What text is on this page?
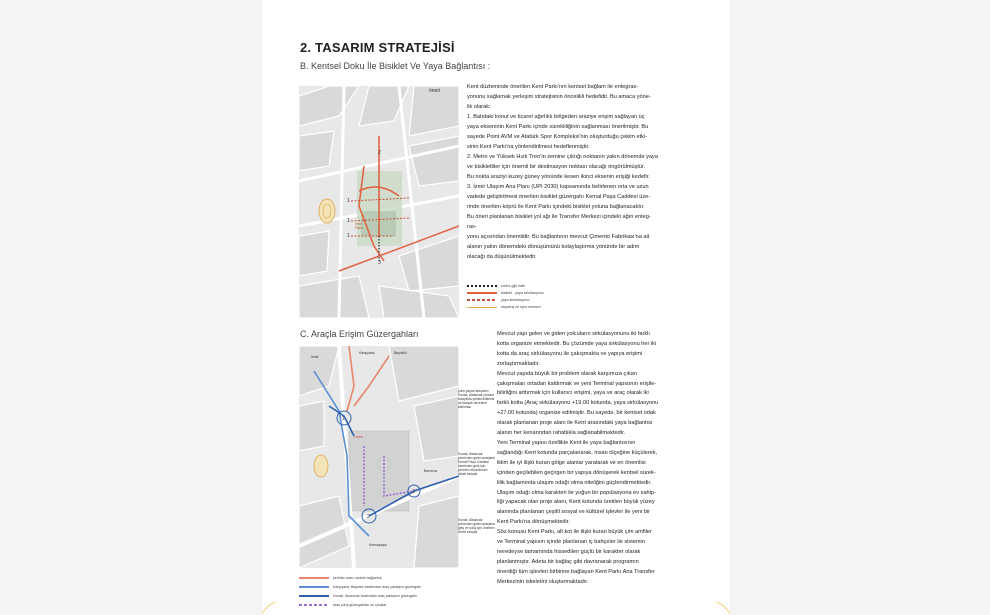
2. TASARIM STRATEJİSİ
B. Kentsel Doku İle Bisiklet Ve Yaya Bağlantısı :
öneri
2
1
1
1
3
Kent
Parkı
metro-yğh hattı
bisiklet - yaya sirkülasyonu
yaya sirkülasyonu
alışveriş ve spor merkezi

Kent düzleminde önerilen Kent Parkı'nın kentsel bağlam ile entegras-

yonunu sağlamak yerleşim stratejisinin öncelikli hedefidir. Bu amaca yöne-

lik olarak:

1. Batıdaki konut ve ticaret ağırlıklı bölgeden araziye erişim sağlayan üç

yaya ekseninin Kent Parkı içinde sürekliliğinin sağlanması önerilmiştir. Bu

sayede Point AVM ve Atatürk Spor Kompleksi'nin oluşturduğu çekim etki-

sinin Kent Parkı'na yönlendirilmesi hedeflenmiştir.

2. Metro ve Yüksek Hızlı Tren'in zemine çıktığı noktanın yakın dönemde yaya

ve bisikletliler için önemli bir destinasyon noktası olacağı öngörülmüştür.

Bu nokta araziyi kuzey güney yönünde kesen ikinci eksenin erişiği kedefir.

3. İzmir Ulaşım Ana Planı (UPI 2030) kapsamında belirlenen orta ve uzun

vadede geliştirilmesi önerilen bisiklet güzergahı Kemal Paşa Caddesi üze-

rinde önerilen köprü ile Kent Parkı içindeki bisiklet yoluna bağlanacaktır.

Bu öneri planlanan bisiklet yol ağı ile Transfer Merkezi içindeki ağın enteg-

ras-

yonu açısından önemlidir. Bu bağlantının mevcut Çimento Fabrikası'na ait

alanın yakın dönemdeki dönüşümünü kolaylaştırma yönünde bir adım

olacağı da düşünülmektedir.

C. Araçla Erişim Güzergahları
1
2
3
i-kent
İzmir
Karşıyaka	Bayraklı
Bornova
Kemalpaşa
çıkış yapan araçların Konak, Alsancak yönüne kolaylıkla yönlendirilmesi ve kavşak düzenine katılması
Konak, Alsancak yönünden gelen araçların Kemal Paşa Caddesi üzerinden giriş için yeniden düzenlenen dönel kavşak
Konak, Alsancak yönünden gelen araçların giriş ve çıkış için önerilen dönel kavşak
şehirler arası otobüs bağlantısı
Karşıyaka, Bayraklı tarafından araç yaklaşım güzergahı
Konak, Alsancak tarafından araç yaklaşım güzergahı
araç çıkış güzergahları ve çıkışlar

Mevcut yapı gelen ve giden yolcuların sirkülasyonunu iki farklı

kotta organize etmektedir. Bu çözümde yaya sirkülasyonu her iki

kotta da araç sirkülasyonu ile çakışmakta ve yapıya erişimi

zorlaştırmaktadır.

Mevcut yapıda büyük bir problem olarak karşımıza çıkan

çakışmaları ortadan kaldırmak ve yeni Terminal yapısının erişile-

bilirliğini arttırmak için kullanıcı erişimi, yaya ve araç olarak iki

farklı kotta (Araç sirkülasyonu +19.00 kotunda, yaya sirkülasyonu

+27.00 kotunda) organize edilmiştir. Bu sayede, bir kentsel odak

olarak planlanan proje alanı ile Kent arasındaki yaya bağlantısı

alanın her kenarından rahatlıkla sağlanabilmektedir.

Yeni Terminal yapısı özellikle Kent ile yaya bağlantısının

sağlandığı Kent kotunda parçalanarak, insan ölçeğine küçülerek,

iklim ile iyi ilişki kuran gölge alanlar yaratarak ve en önemlisi

içinden geçilebilen geçirgen bir yapıya dönüşerek kentsel sürek-

lilik bağlamında ulaşım odağı olma niteliğini güçlendirmektedir.

Ulaşım odağı olma karakteri ile yoğun bir popülasyona ev sahip-

liği yapacak olan proje alanı, Kent kotunda üretilen büyük yüzey

alanında planlanan çeşitli sosyal ve kültürel işlevler ile yeni bir

Kent Parkı'na dönüşmektedir.

Söz konusu Kent Parkı, alt kot ile ilişki kuran büyük çim amfiler

ve Terminal yapısın içinde planlanan iç bahçeler ile sistemin

neredeyse tamamında hissedilen güçlü bir karakter olarak

planlanmıştır. Adeta bir bağlaç gibi davranarak programın

önerdiği tüm işlevleri birbirine bağlayan Kent Parkı Ana Transfer

Merkezinin iskeletini oluşturmaktadır.
